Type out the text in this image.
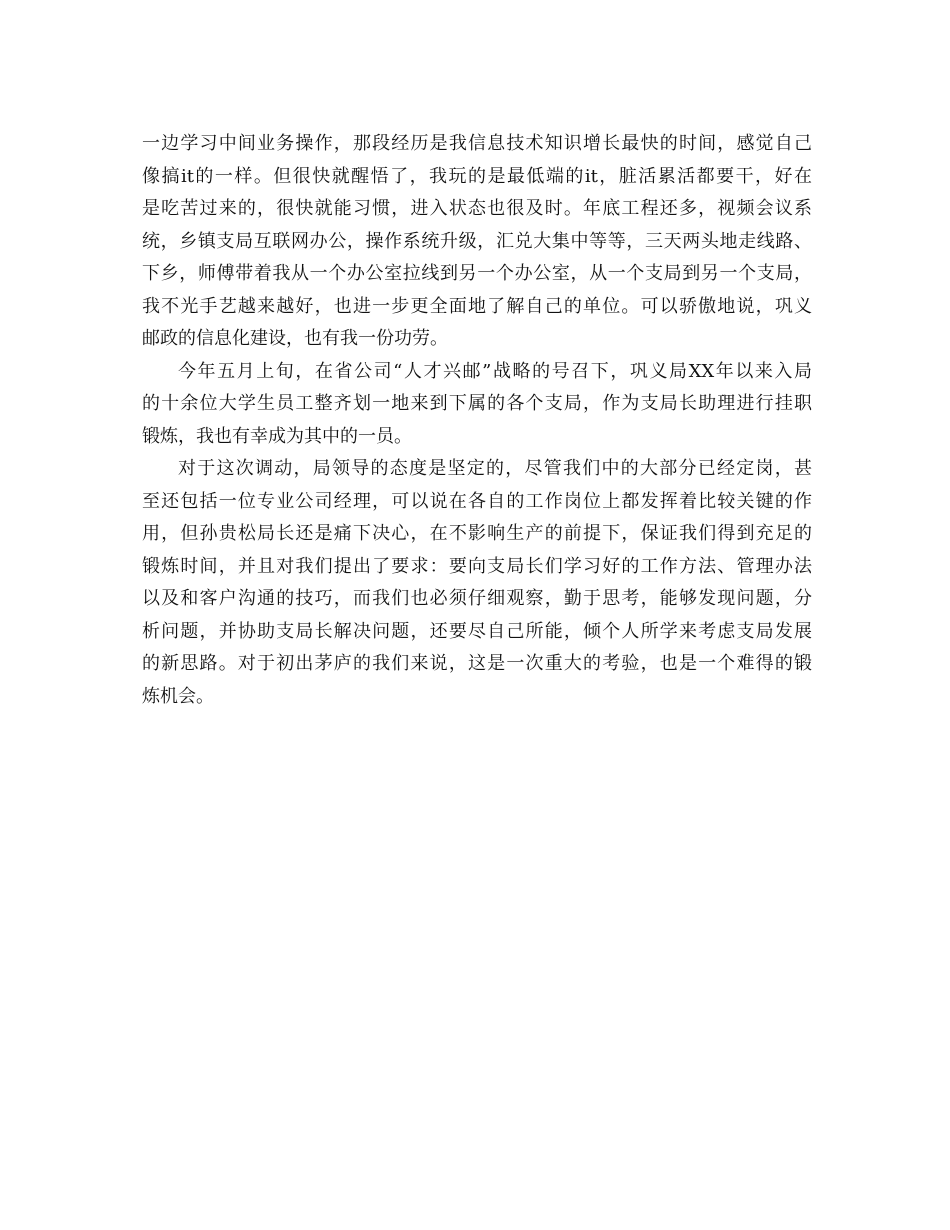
一边学习中间业务操作，那段经历是我信息技术知识增长最快的时间，感觉自己
像搞it的一样。但很快就醒悟了，我玩的是最低端的it，脏活累活都要干，好在
是吃苦过来的，很快就能习惯，进入状态也很及时。年底工程还多，视频会议系
统，乡镇支局互联网办公，操作系统升级，汇兑大集中等等，三天两头地走线路、
下乡，师傅带着我从一个办公室拉线到另一个办公室，从一个支局到另一个支局，
我不光手艺越来越好，也进一步更全面地了解自己的单位。可以骄傲地说，巩义
邮政的信息化建设，也有我一份功劳。
今年五月上旬，在省公司“人才兴邮”战略的号召下，巩义局XX年以来入局
的十余位大学生员工整齐划一地来到下属的各个支局，作为支局长助理进行挂职
锻炼，我也有幸成为其中的一员。
对于这次调动，局领导的态度是坚定的，尽管我们中的大部分已经定岗，甚
至还包括一位专业公司经理，可以说在各自的工作岗位上都发挥着比较关键的作
用，但孙贵松局长还是痛下决心，在不影响生产的前提下，保证我们得到充足的
锻炼时间，并且对我们提出了要求：要向支局长们学习好的工作方法、管理办法
以及和客户沟通的技巧，而我们也必须仔细观察，勤于思考，能够发现问题，分
析问题，并协助支局长解决问题，还要尽自己所能，倾个人所学来考虑支局发展
的新思路。对于初出茅庐的我们来说，这是一次重大的考验，也是一个难得的锻
炼机会。
